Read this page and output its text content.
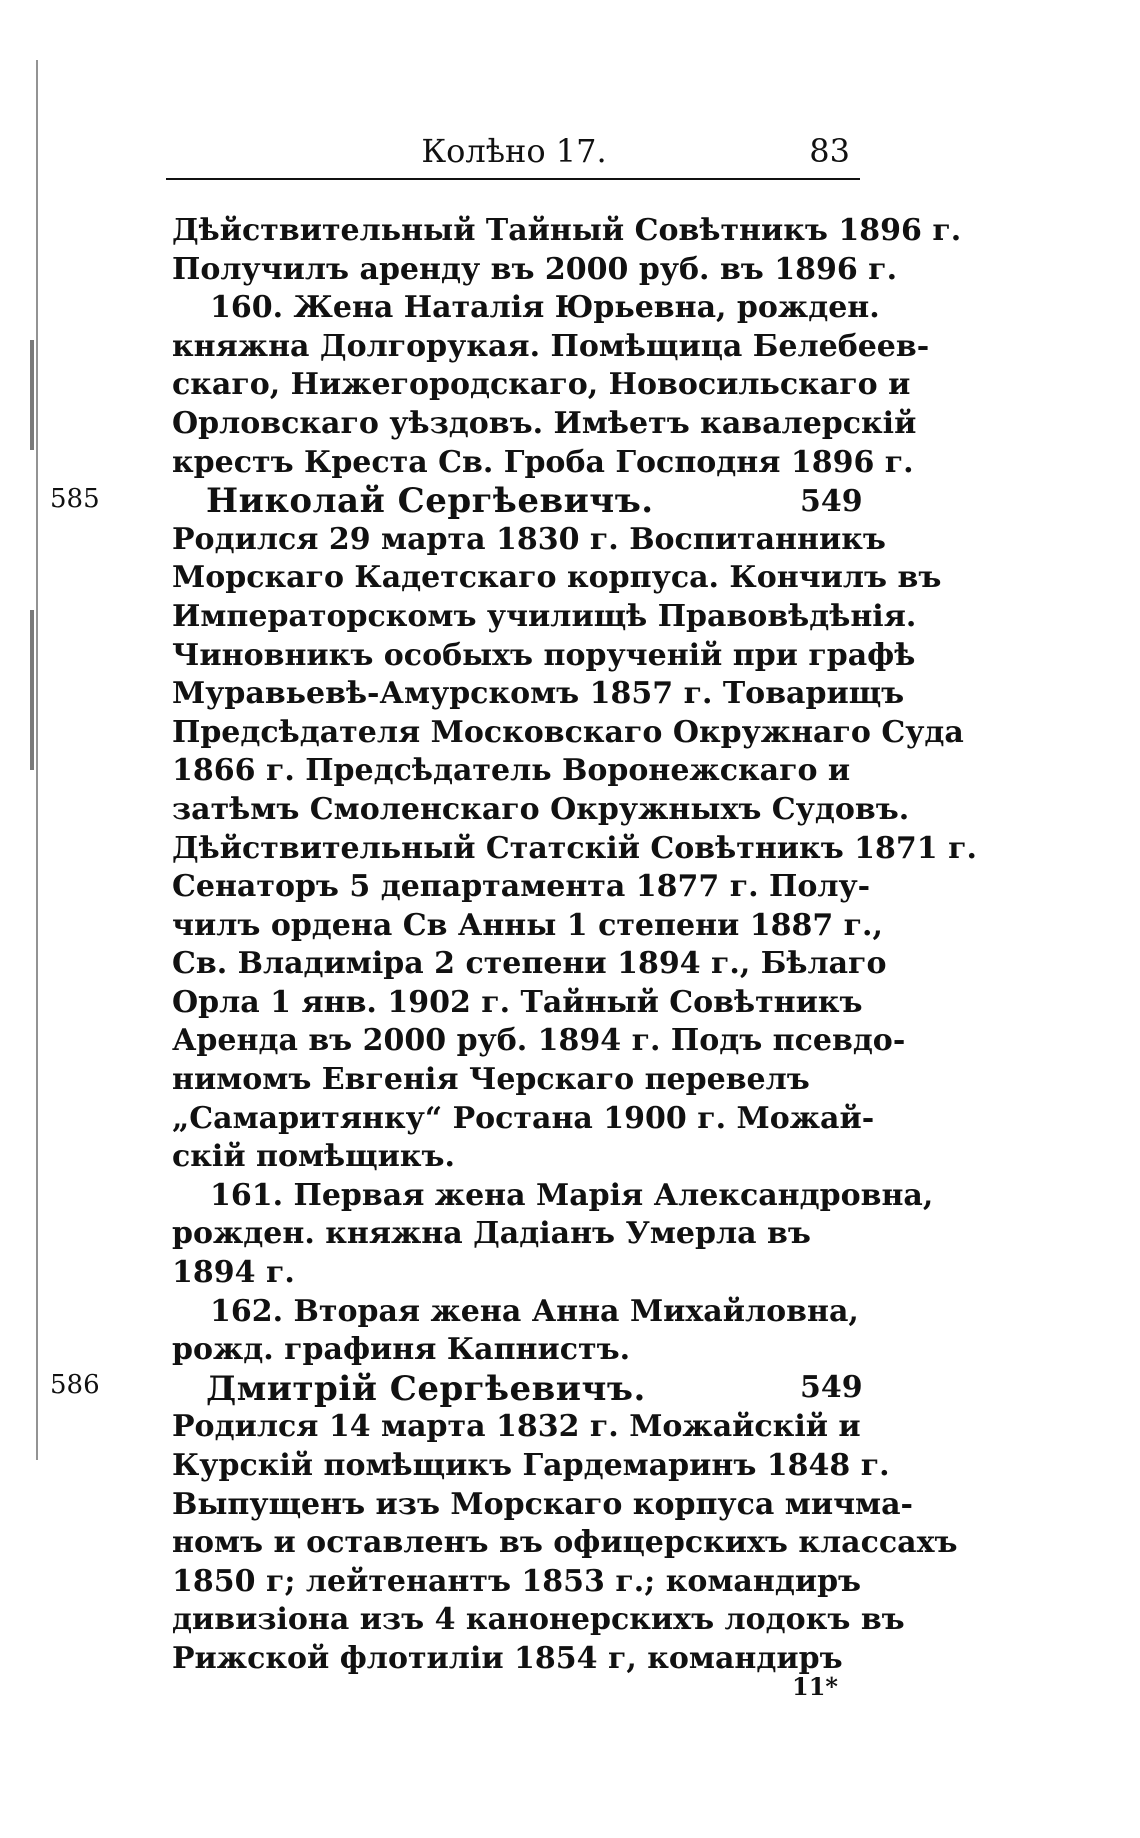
Колѣно 17.	83
585	549
586	549
Дѣйствительный Тайный Совѣтникъ 1896 г.
Получилъ аренду въ 2000 руб. въ 1896 г.
160. Жена Наталія Юрьевна, рожден.
княжна Долгорукая. Помѣщица Белебеев-
скаго, Нижегородскаго, Новосильскаго и
Орловскаго уѣздовъ. Имѣетъ кавалерскій
крестъ Креста Св. Гроба Господня 1896 г.
Николай Сергѣевичъ.
Родился 29 марта 1830 г. Воспитанникъ
Морскаго Кадетскаго корпуса. Кончилъ въ
Императорскомъ училищѣ Правовѣдѣнія.
Чиновникъ особыхъ порученій при графѣ
Муравьевѣ-Амурскомъ 1857 г. Товарищъ
Предсѣдателя Московскаго Окружнаго Суда
1866 г. Предсѣдатель Воронежскаго и
затѣмъ Смоленскаго Окружныхъ Судовъ.
Дѣйствительный Статскій Совѣтникъ 1871 г.
Сенаторъ 5 департамента 1877 г. Полу-
чилъ ордена Св Анны 1 степени 1887 г.,
Св. Владиміра 2 степени 1894 г., Бѣлаго
Орла 1 янв. 1902 г. Тайный Совѣтникъ
Аренда въ 2000 руб. 1894 г. Подъ псевдо-
нимомъ Евгенія Черскаго перевелъ
„Самаритянку“ Ростана 1900 г. Можай-
скій помѣщикъ.
161. Первая жена Марія Александровна,
рожден. княжна Дадіанъ Умерла въ
1894 г.
162. Вторая жена Анна Михайловна,
рожд. графиня Капнистъ.
Дмитрій Сергѣевичъ.
Родился 14 марта 1832 г. Можайскій и
Курскій помѣщикъ Гардемаринъ 1848 г.
Выпущенъ изъ Морскаго корпуса мичма-
номъ и оставленъ въ офицерскихъ классахъ
1850 г; лейтенантъ 1853 г.; командиръ
дивизіона изъ 4 канонерскихъ лодокъ въ
Рижской флотиліи 1854 г, командиръ
11*
